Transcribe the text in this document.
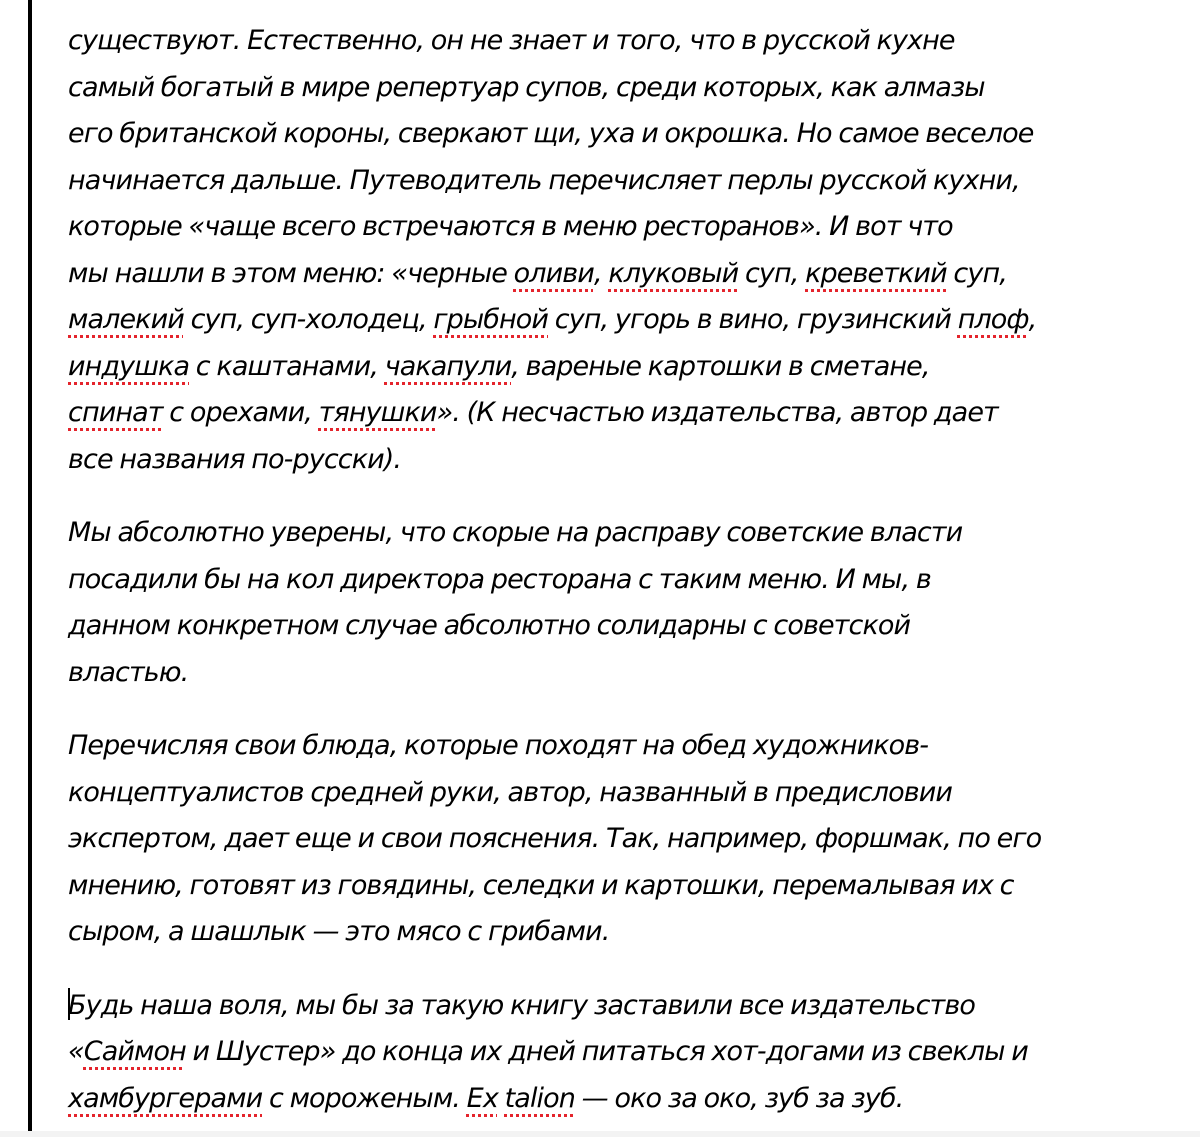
существуют. Естественно, он не знает и того, что в русской кухне
самый богатый в мире репертуар супов, среди которых, как алмазы
его британской короны, сверкают щи, уха и окрошка. Но самое веселое
начинается дальше. Путеводитель перечисляет перлы русской кухни,
которые «чаще всего встречаются в меню ресторанов». И вот что
мы нашли в этом меню: «черные оливи, клуковый суп, креветкий суп,
малекий суп, суп-холодец, грыбной суп, угорь в вино, грузинский плоф,
индушка с каштанами, чакапули, вареные картошки в сметане,
спинат с орехами, тянушки». (К несчастью издательства, автор дает
все названия по-русски).

Мы абсолютно уверены, что скорые на расправу советские власти
посадили бы на кол директора ресторана с таким меню. И мы, в
данном конкретном случае абсолютно солидарны с советской
властью.

Перечисляя свои блюда, которые походят на обед художников-
концептуалистов средней руки, автор, названный в предисловии
экспертом, дает еще и свои пояснения. Так, например, форшмак, по его
мнению, готовят из говядины, селедки и картошки, перемалывая их с
сыром, а шашлык — это мясо с грибами.

Будь наша воля, мы бы за такую книгу заставили все издательство
«Саймон и Шустер» до конца их дней питаться хот-догами из свеклы и
хамбургерами с мороженым. Ex talion — око за око, зуб за зуб.
